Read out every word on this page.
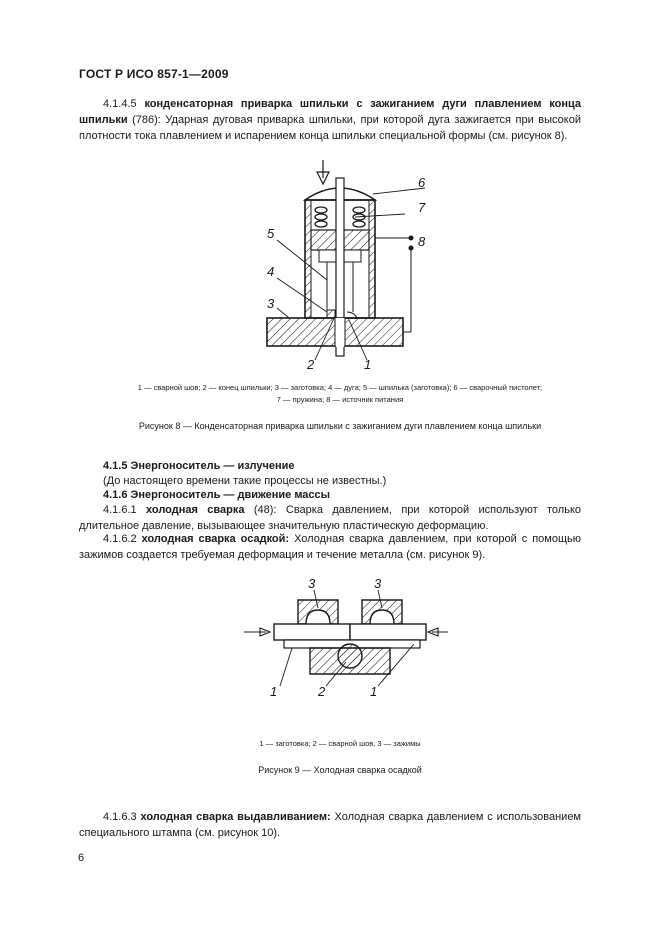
ГОСТ Р ИСО 857-1—2009
4.1.4.5 конденсаторная приварка шпильки с зажиганием дуги плавлением конца шпильки (786): Ударная дуговая приварка шпильки, при которой дуга зажигается при высокой плотности тока плавлением и испарением конца шпильки специальной формы (см. рисунок 8).
1
2
3
4
5
6
7
8
1 — сварной шов; 2 — конец шпильки; 3 — заготовка; 4 — дуга; 5 — шпилька (заготовка); 6 — сварочный пистолет;
7 — пружина; 8 — источник питания
Рисунок 8 — Конденсаторная приварка шпильки с зажиганием дуги плавлением конца шпильки
4.1.5 Энергоноситель — излучение
(До настоящего времени такие процессы не известны.)
4.1.6 Энергоноситель — движение массы
4.1.6.1 холодная сварка (48): Сварка давлением, при которой используют только длительное давление, вызывающее значительную пластическую деформацию.
4.1.6.2 холодная сварка осадкой: Холодная сварка давлением, при которой с помощью зажимов создается требуемая деформация и течение металла (см. рисунок 9).
3	3
1	2	1
1 — заготовка; 2 — сварной шов, 3 — зажимы
Рисунок 9 — Холодная сварка осадкой
4.1.6.3 холодная сварка выдавливанием: Холодная сварка давлением с использованием специального штампа (см. рисунок 10).
6
